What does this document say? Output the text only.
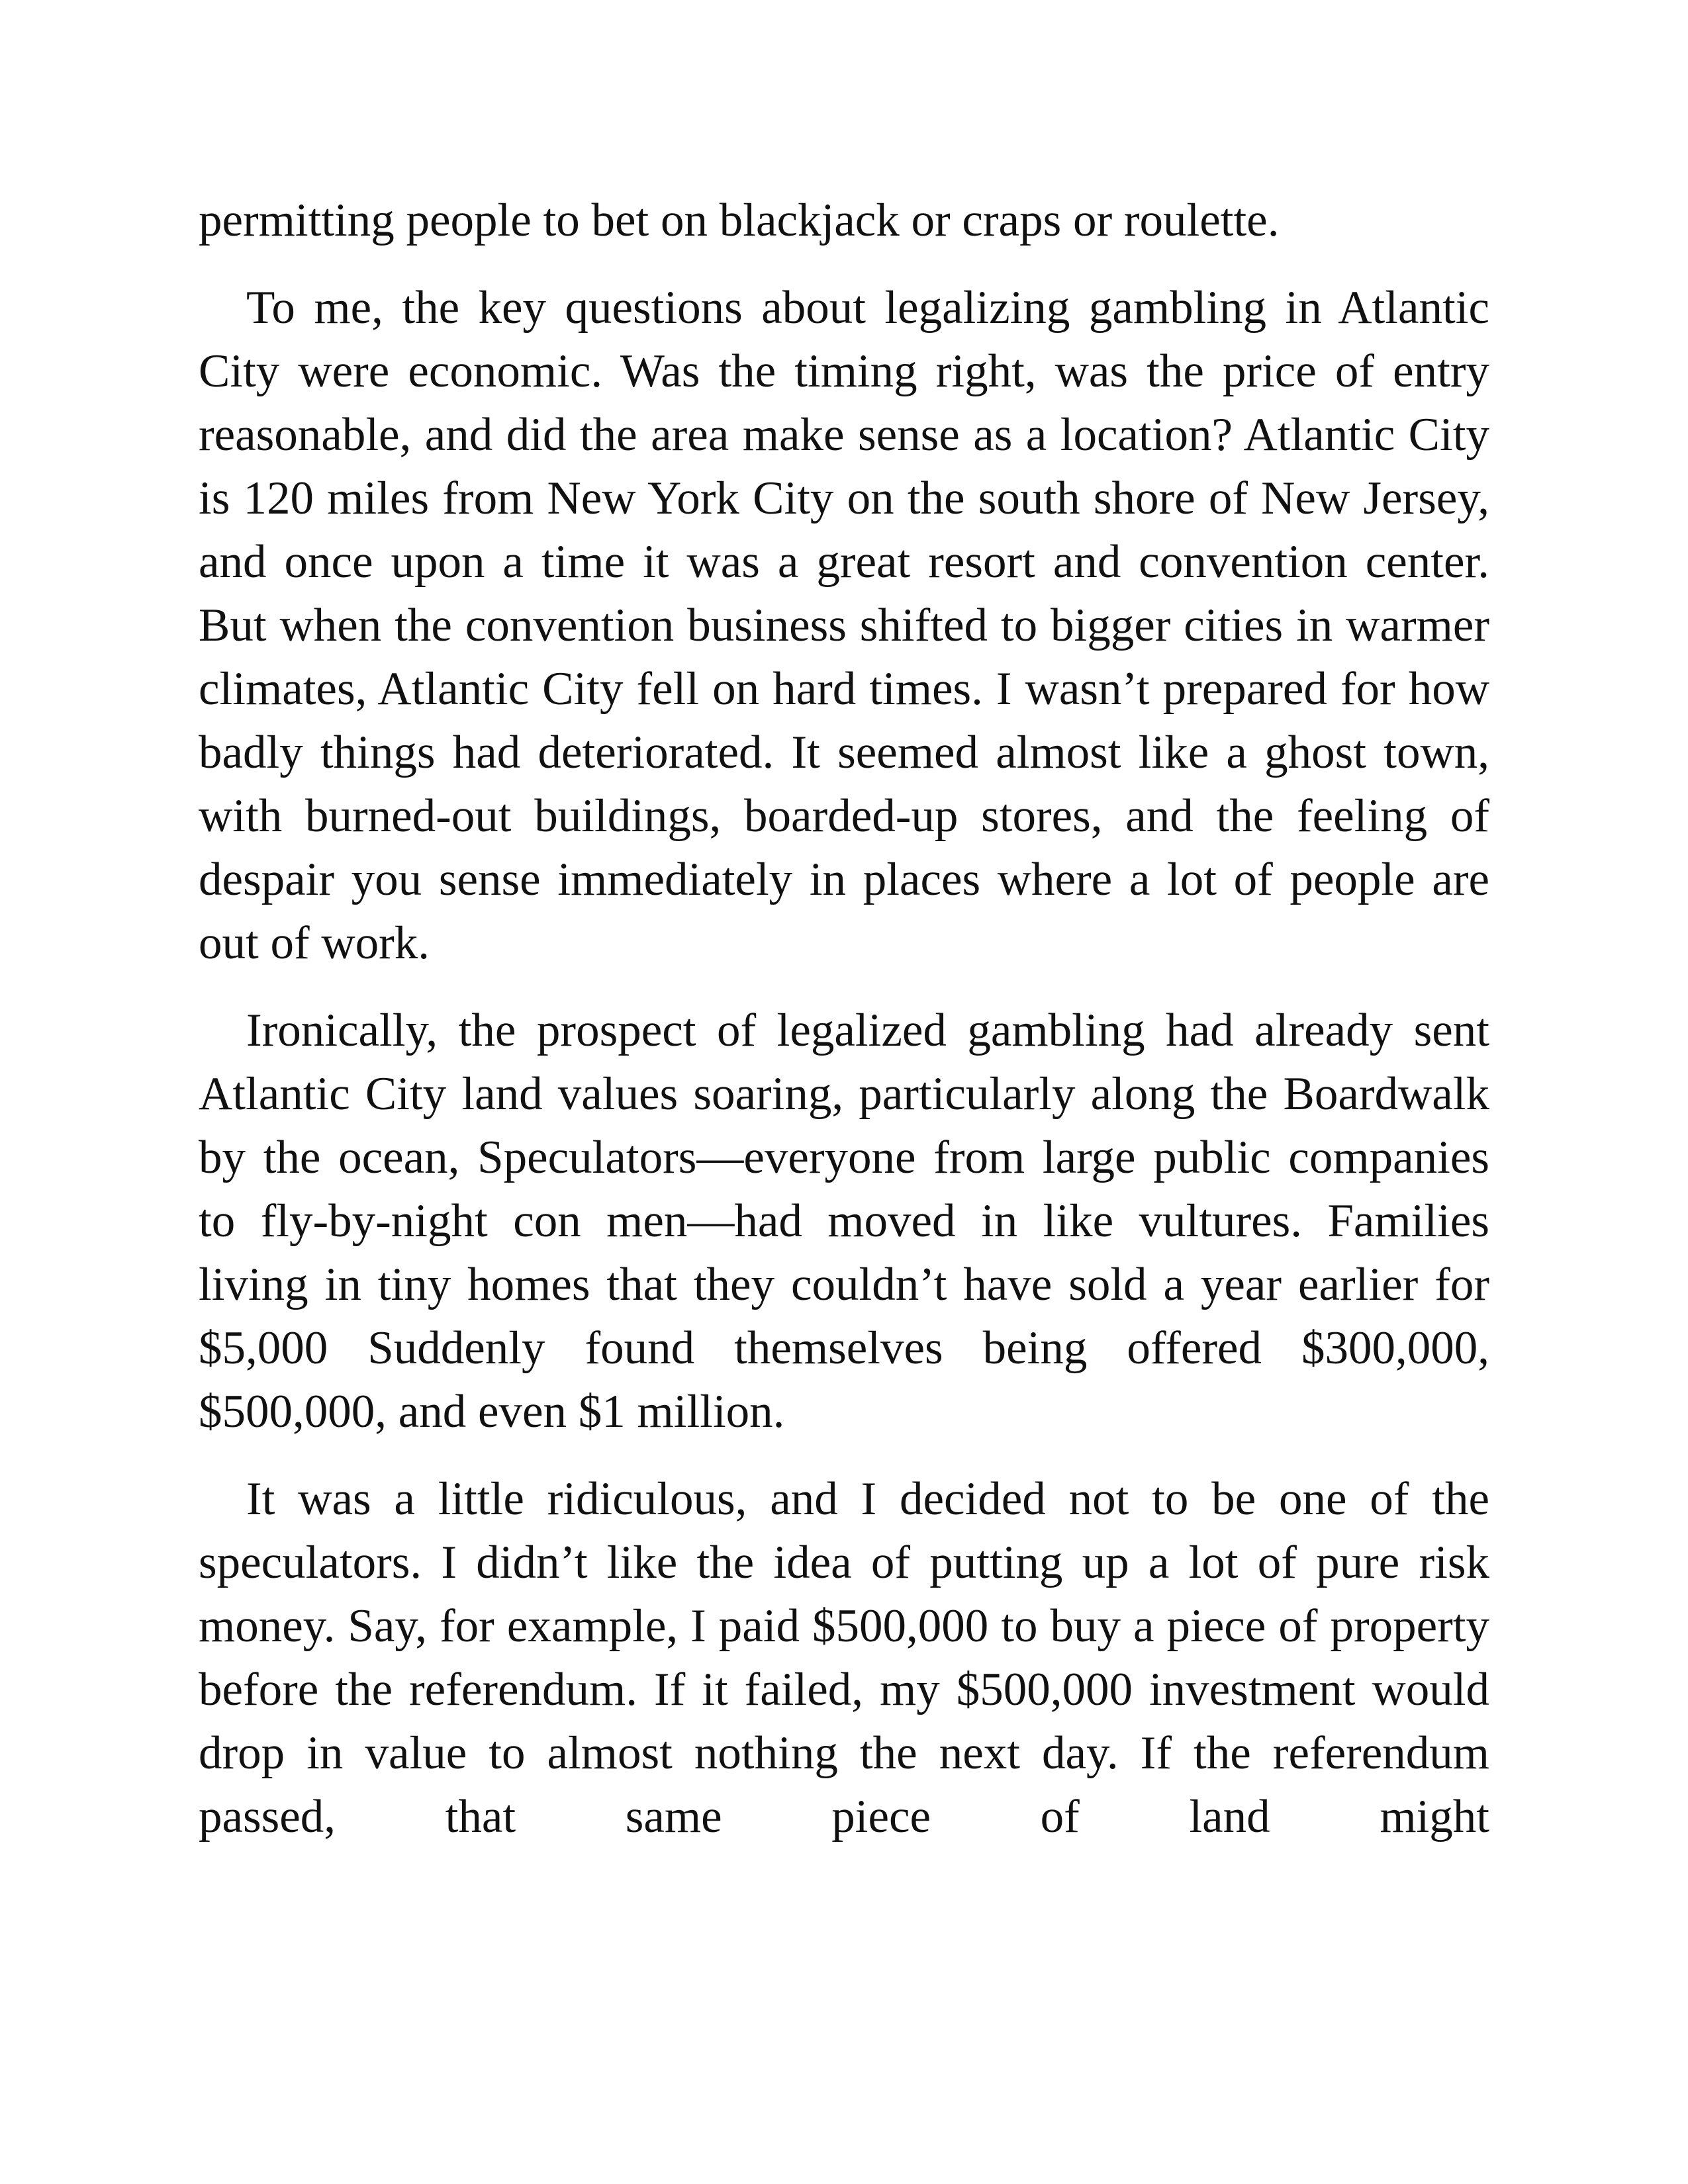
permitting people to bet on blackjack or craps or roulette.

To me, the key questions about legalizing gambling in Atlantic City were economic. Was the timing right, was the price of entry reasonable, and did the area make sense as a location? Atlantic City is 120 miles from New York City on the south shore of New Jersey, and once upon a time it was a great resort and convention center. But when the convention business shifted to bigger cities in warmer climates, Atlantic City fell on hard times. I wasn’t prepared for how badly things had deteriorated. It seemed almost like a ghost town, with burned-out buildings, boarded-up stores, and the feeling of despair you sense immediately in places where a lot of people are out of work.

Ironically, the prospect of legalized gambling had already sent Atlantic City land values soaring, particularly along the Boardwalk by the ocean, Speculators—everyone from large public companies to fly-by-night con men—had moved in like vultures. Families living in tiny homes that they couldn’t have sold a year earlier for $5,000 Suddenly found themselves being offered $300,000, $500,000, and even $1 million.

It was a little ridiculous, and I decided not to be one of the speculators. I didn’t like the idea of putting up a lot of pure risk money. Say, for example, I paid $500,000 to buy a piece of property before the referendum. If it failed, my $500,000 investment would drop in value to almost nothing the next day. If the referendum passed, that same piece of land might
